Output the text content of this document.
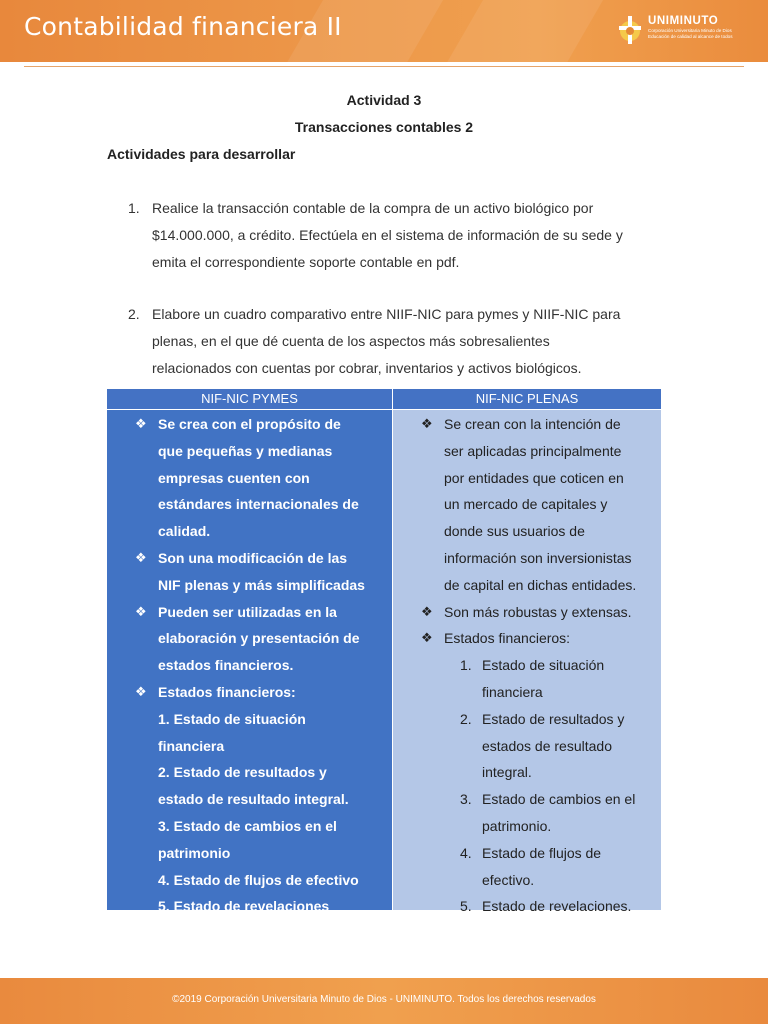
Contabilidad financiera II	UNIMINUTO
Corporación Universitaria Minuto de Dios
Educación de calidad al alcance de todos
Actividad 3
Transacciones contables 2
Actividades para desarrollar
1. Realice la transacción contable de la compra de un activo biológico por
$14.000.000, a crédito. Efectúela en el sistema de información de su sede y
emita el correspondiente soporte contable en pdf.
2. Elabore un cuadro comparativo entre NIIF-NIC para pymes y NIIF-NIC para
plenas, en el que dé cuenta de los aspectos más sobresalientes
relacionados con cuentas por cobrar, inventarios y activos biológicos.
NIF-NIC PYMES
❖ Se crea con el propósito de
que pequeñas y medianas
empresas cuenten con
estándares internacionales de
calidad.
❖ Son una modificación de las
NIF plenas y más simplificadas
❖ Pueden ser utilizadas en la
elaboración y presentación de
estados financieros.
❖ Estados financieros:
1. Estado de situación
financiera
2. Estado de resultados y
estado de resultado integral.
3. Estado de cambios en el
patrimonio
4. Estado de flujos de efectivo
5. Estado de revelaciones
NIF-NIC PLENAS
❖ Se crean con la intención de
ser aplicadas principalmente
por entidades que coticen en
un mercado de capitales y
donde sus usuarios de
información son inversionistas
de capital en dichas entidades.
❖ Son más robustas y extensas.
❖ Estados financieros:
1. Estado de situación
financiera
2. Estado de resultados y
estados de resultado
integral.
3. Estado de cambios en el
patrimonio.
4. Estado de flujos de
efectivo.
5. Estado de revelaciones.
©2019 Corporación Universitaria Minuto de Dios - UNIMINUTO. Todos los derechos reservados
